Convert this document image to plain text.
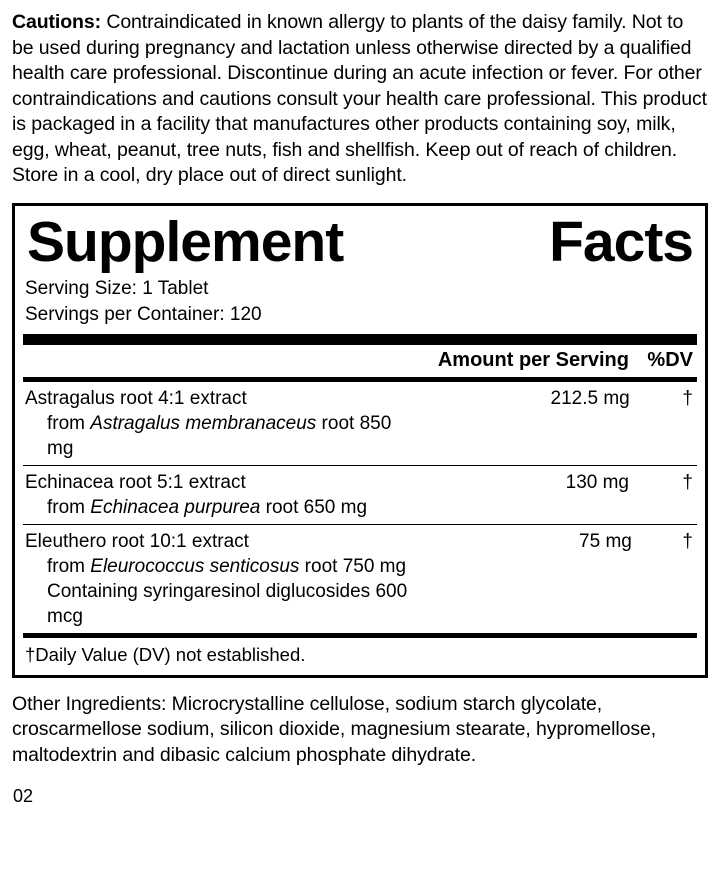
Cautions: Contraindicated in known allergy to plants of the daisy family. Not to be used during pregnancy and lactation unless otherwise directed by a qualified health care professional. Discontinue during an acute infection or fever. For other contraindications and cautions consult your health care professional. This product is packaged in a facility that manufactures other products containing soy, milk, egg, wheat, peanut, tree nuts, fish and shellfish. Keep out of reach of children. Store in a cool, dry place out of direct sunlight.

Supplement	Facts
Serving Size: 1 Tablet
Servings per Container: 120
Amount per Serving %DV
Astragalus root 4:1 extract
from Astragalus membranaceus root 850 mg
212.5 mg	†
Echinacea root 5:1 extract
from Echinacea purpurea root 650 mg
130 mg	†
Eleuthero root 10:1 extract
from Eleurococcus senticosus root 750 mg
Containing syringaresinol diglucosides 600 mcg
75 mg	†
†Daily Value (DV) not established.

Other Ingredients: Microcrystalline cellulose, sodium starch glycolate, croscarmellose sodium, silicon dioxide, magnesium stearate, hypromellose, maltodextrin and dibasic calcium phosphate dihydrate.

02
